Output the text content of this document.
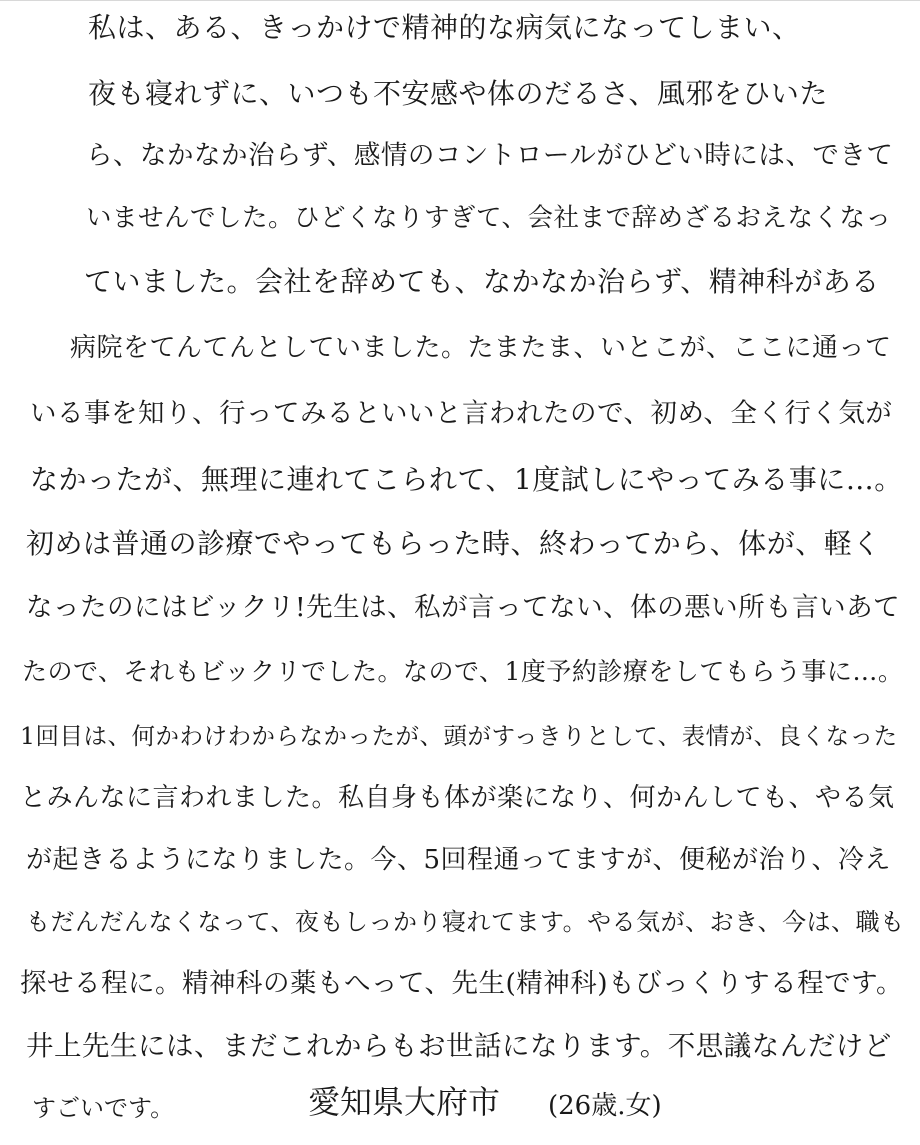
私は、ある、きっかけで精神的な病気になってしまい、
夜も寝れずに、いつも不安感や体のだるさ、風邪をひいた
ら、なかなか治らず、感情のコントロールがひどい時には、できて
いませんでした。ひどくなりすぎて、会社まで辞めざるおえなくなっ
ていました。会社を辞めても、なかなか治らず、精神科がある
病院をてんてんとしていました。たまたま、いとこが、ここに通って
いる事を知り、行ってみるといいと言われたので、初め、全く行く気が
なかったが、無理に連れてこられて、1度試しにやってみる事に…。
初めは普通の診療でやってもらった時、終わってから、体が、軽く
なったのにはビックリ!先生は、私が言ってない、体の悪い所も言いあて
たので、それもビックリでした。なので、1度予約診療をしてもらう事に…。
1回目は、何かわけわからなかったが、頭がすっきりとして、表情が、良くなった
とみんなに言われました。私自身も体が楽になり、何かんしても、やる気
が起きるようになりました。今、5回程通ってますが、便秘が治り、冷え
もだんだんなくなって、夜もしっかり寝れてます。やる気が、おき、今は、職も
探せる程に。精神科の薬もへって、先生(精神科)もびっくりする程です。
井上先生には、まだこれからもお世話になります。不思議なんだけど
すごいです。	愛知県大府市 (26歳.女)
